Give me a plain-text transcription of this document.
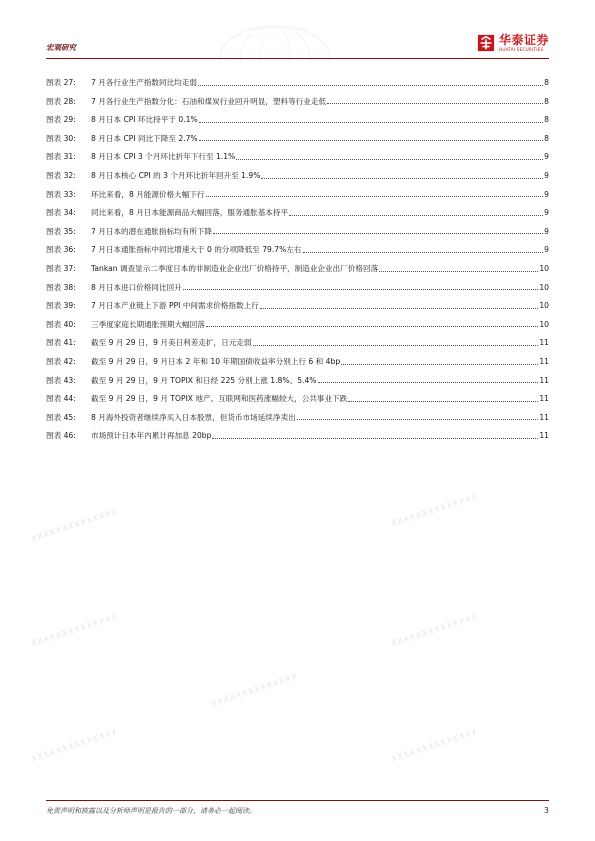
宏观研究
华泰证券
HUATAI SECURITIES
图表 27:	7 月各行业生产指数同比均走弱	8
图表 28:	7 月各行业生产指数分化：石油和煤炭行业回升明显，塑料等行业走低	8
图表 29:	8 月日本 CPI 环比持平于 0.1%	8
图表 30:	8 月日本 CPI 同比下降至 2.7%	8
图表 31:	8 月日本 CPI 3 个月环比折年下行至 1.1%	9
图表 32:	8 月日本核心 CPI 的 3 个月环比折年回升至 1.9%	9
图表 33:	环比来看，8 月能源价格大幅下行	9
图表 34:	同比来看，8 月日本能源商品大幅回落，服务通胀基本持平	9
图表 35:	7 月日本的潜在通胀指标均有所下降	9
图表 36:	7 月日本通胀指标中同比增速大于 0 的分项降低至 79.7%左右	9
图表 37:	Tankan 调查显示二季度日本的非制造业企业出厂价格持平，制造业企业出厂价格回落	10
图表 38:	8 月日本进口价格同比回升	10
图表 39:	7 月日本产业链上下游 PPI 中间需求价格指数上行	10
图表 40:	三季度家庭长期通胀预期大幅回落	10
图表 41:	截至 9 月 29 日，9 月美日利差走扩，日元走弱	11
图表 42:	截至 9 月 29 日，9 月日本 2 年和 10 年期国债收益率分别上行 6 和 4bp	11
图表 43:	截至 9 月 29 日，9 月 TOPIX 和日经 225 分别上涨 1.8%、5.4%	11
图表 44:	截至 9 月 29 日，9 月 TOPIX 地产、互联网和医药涨幅较大，公共事业下跌	11
图表 45:	8 月海外投资者继续净买入日本股票，但货币市场延续净卖出	11
图表 46:	市场预计日本年内累计再加息 20bp	11
XXXXXXXXXXXXXX	XXXXXXXXXXXXXX
XXXXXXXXXXXXXX	XXXXXXXXXXXXXX
XXXXXXXXXXXXXX	XXXXXXXXXXXXXX
XXXXXXXXXXXXXX
免责声明和披露以及分析师声明是报告的一部分，请务必一起阅读。	3
